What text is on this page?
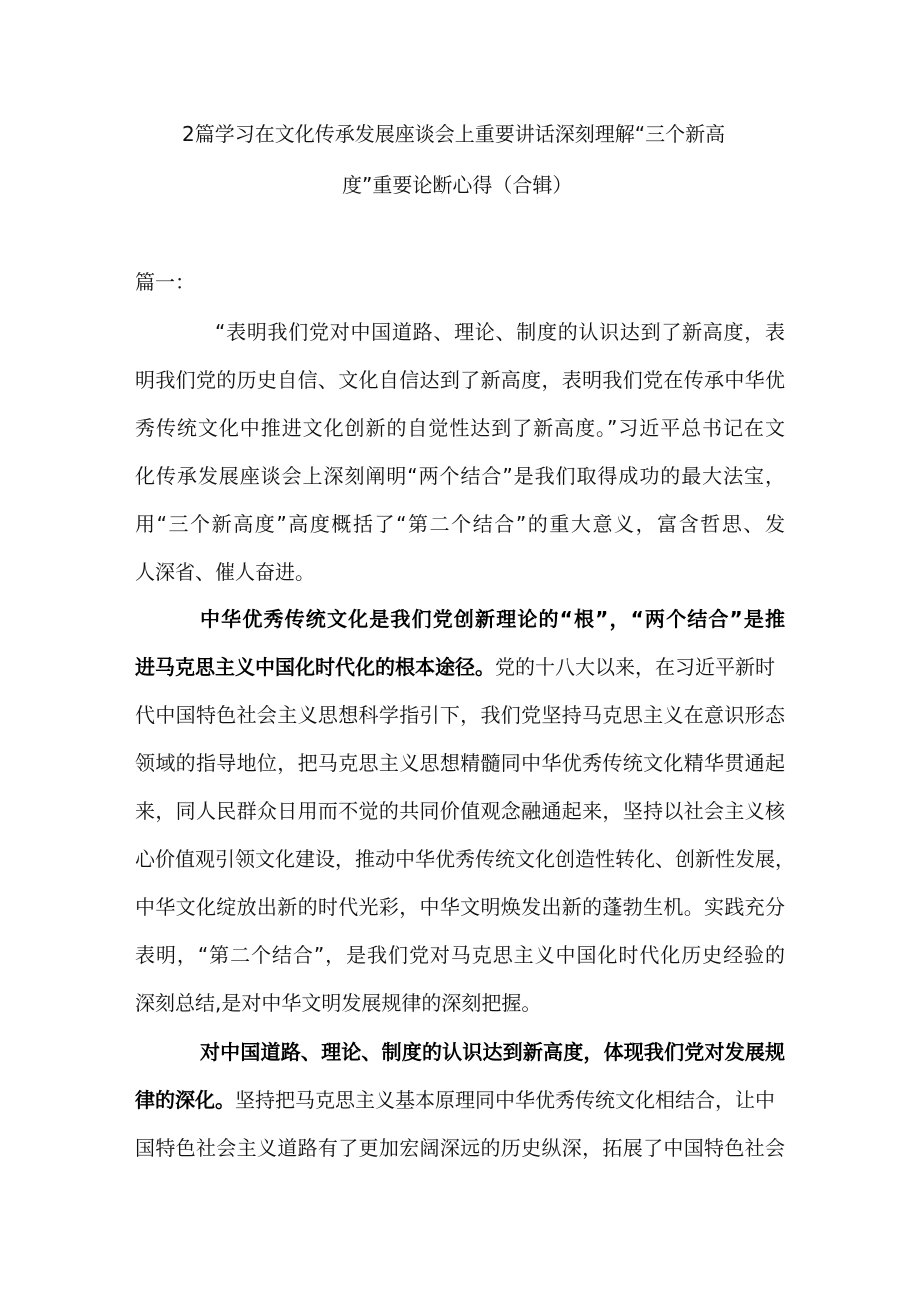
2篇学习在文化传承发展座谈会上重要讲话深刻理解“三个新高
度”重要论断心得（合辑）
篇一：
“表明我们党对中国道路、理论、制度的认识达到了新高度，表
明我们党的历史自信、文化自信达到了新高度，表明我们党在传承中华优
秀传统文化中推进文化创新的自觉性达到了新高度。”习近平总书记在文
化传承发展座谈会上深刻阐明“两个结合”是我们取得成功的最大法宝，
用“三个新高度”高度概括了“第二个结合”的重大意义，富含哲思、发
人深省、催人奋进。
中华优秀传统文化是我们党创新理论的“根”，“两个结合”是推
进马克思主义中国化时代化的根本途径。党的十八大以来，在习近平新时
代中国特色社会主义思想科学指引下，我们党坚持马克思主义在意识形态
领域的指导地位，把马克思主义思想精髓同中华优秀传统文化精华贯通起
来，同人民群众日用而不觉的共同价值观念融通起来，坚持以社会主义核
心价值观引领文化建设，推动中华优秀传统文化创造性转化、创新性发展，
中华文化绽放出新的时代光彩，中华文明焕发出新的蓬勃生机。实践充分
表明，“第二个结合”，是我们党对马克思主义中国化时代化历史经验的
深刻总结,是对中华文明发展规律的深刻把握。
对中国道路、理论、制度的认识达到新高度，体现我们党对发展规
律的深化。坚持把马克思主义基本原理同中华优秀传统文化相结合，让中
国特色社会主义道路有了更加宏阔深远的历史纵深，拓展了中国特色社会
